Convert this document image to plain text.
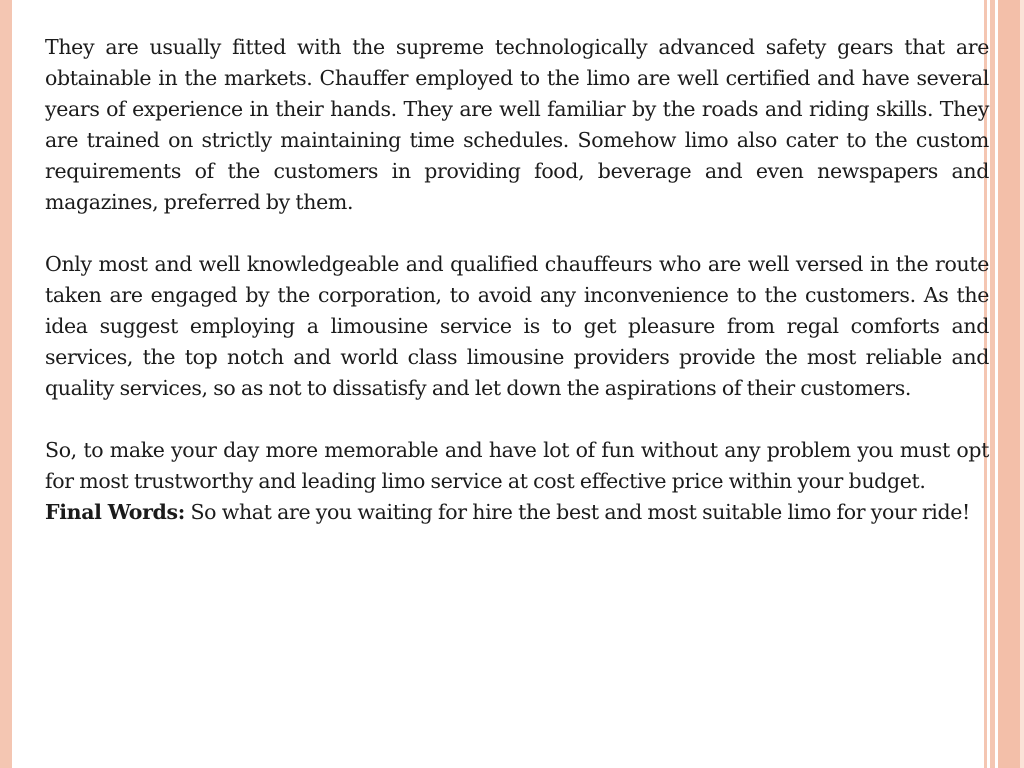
They are usually fitted with the supreme technologically advanced safety gears that are obtainable in the markets. Chauffer employed to the limo are well certified and have several years of experience in their hands. They are well familiar by the roads and riding skills. They are trained on strictly maintaining time schedules. Somehow limo also cater to the custom requirements of the customers in providing food, beverage and even newspapers and magazines, preferred by them.

Only most and well knowledgeable and qualified chauffeurs who are well versed in the route taken are engaged by the corporation, to avoid any inconvenience to the customers. As the idea suggest employing a limousine service is to get pleasure from regal comforts and services, the top notch and world class limousine providers provide the most reliable and quality services, so as not to dissatisfy and let down the aspirations of their customers.

So, to make your day more memorable and have lot of fun without any problem you must opt for most trustworthy and leading limo service at cost effective price within your budget.

Final Words: So what are you waiting for hire the best and most suitable limo for your ride!
